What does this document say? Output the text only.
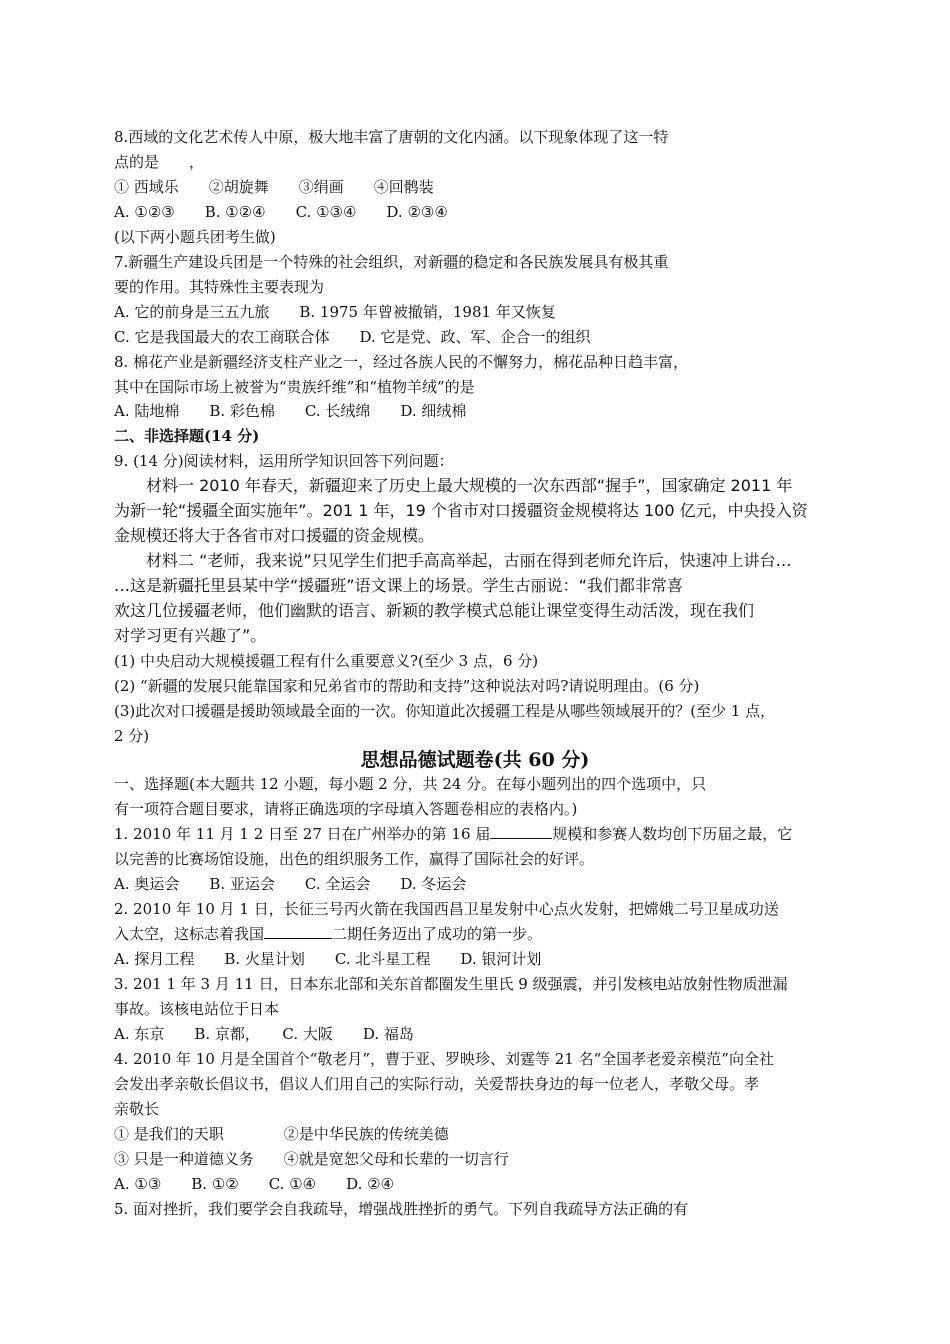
8.西域的文化艺术传人中原，极大地丰富了唐朝的文化内涵。以下现象体现了这一特
点的是　　，
① 西域乐　　②胡旋舞　　③绢画　　④回鹘装
A. ①②③　　B. ①②④　　C. ①③④　　D. ②③④
(以下两小题兵团考生做)
7.新疆生产建设兵团是一个特殊的社会组织，对新疆的稳定和各民族发展具有极其重
要的作用。其特殊性主要表现为
A. 它的前身是三五九旅　　B. 1975 年曾被撤销，1981 年又恢复
C. 它是我国最大的农工商联合体　　D. 它是党、政、军、企合一的组织
8. 棉花产业是新疆经济支柱产业之一，经过各族人民的不懈努力，棉花品种日趋丰富，
其中在国际市场上被誉为“贵族纤维”和“植物羊绒”的是
A. 陆地棉　　B. 彩色棉　　C. 长绒绵　　D. 细绒棉
二、非选择题(14 分)
9. (14 分)阅读材料，运用所学知识回答下列问题：
　　材料一 2010 年春天，新疆迎来了历史上最大规模的一次东西部“握手”，国家确定 2011 年
为新一轮“援疆全面实施年”。201 1 年，19 个省市对口援疆资金规模将达 100 亿元，中央投入资
金规模还将大于各省市对口援疆的资金规模。
　　材料二 “老师，我来说”只见学生们把手高高举起，古丽在得到老师允许后，快速冲上讲台…
…这是新疆托里县某中学“援疆班”语文课上的场景。学生古丽说：“我们都非常喜
欢这几位援疆老师，他们幽默的语言、新颖的教学模式总能让课堂变得生动活泼，现在我们
对学习更有兴趣了”。
(1) 中央启动大规模援疆工程有什么重要意义?(至少 3 点，6 分)
(2) “新疆的发展只能靠国家和兄弟省市的帮助和支持”这种说法对吗?请说明理由。(6 分)
(3)此次对口援疆是援助领域最全面的一次。你知道此次援疆工程是从哪些领域展开的？(至少 1 点，
2 分)
思想品德试题卷(共 60 分)
一、选择题(本大题共 12 小题，每小题 2 分，共 24 分。在每小题列出的四个选项中，只
有一项符合题目要求，请将正确选项的字母填入答题卷相应的表格内。)
1. 2010 年 11 月 1 2 日至 27 日在广州举办的第 16 届	规模和参赛人数均创下历届之最，它
以完善的比赛场馆设施，出色的组织服务工作，赢得了国际社会的好评。
A. 奥运会　　B. 亚运会　　C. 全运会　　D. 冬运会
2. 2010 年 10 月 1 日，长征三号丙火箭在我国西昌卫星发射中心点火发射，把嫦娥二号卫星成功送
入太空，这标志着我国	二期任务迈出了成功的第一步。
A. 探月工程　　B. 火星计划　　C. 北斗星工程　　D. 银河计划
3. 201 1 年 3 月 11 日，日本东北部和关东首都圈发生里氏 9 级强震，并引发核电站放射性物质泄漏
事故。该核电站位于日本
A. 东京　　B. 京都，　　C. 大阪　　D. 福岛
4. 2010 年 10 月是全国首个“敬老月”，曹于亚、罗映珍、刘霆等 21 名“全国孝老爱亲模范”向全社
会发出孝亲敬长倡议书，倡议人们用自己的实际行动，关爱帮扶身边的每一位老人，孝敬父母。孝
亲敬长
① 是我们的天职　　　　②是中华民族的传统美德
③ 只是一种道德义务　　④就是宽恕父母和长辈的一切言行
A. ①③　　B. ①②　　C. ①④　　D. ②④
5. 面对挫折，我们要学会自我疏导，增强战胜挫折的勇气。下列自我疏导方法正确的有
